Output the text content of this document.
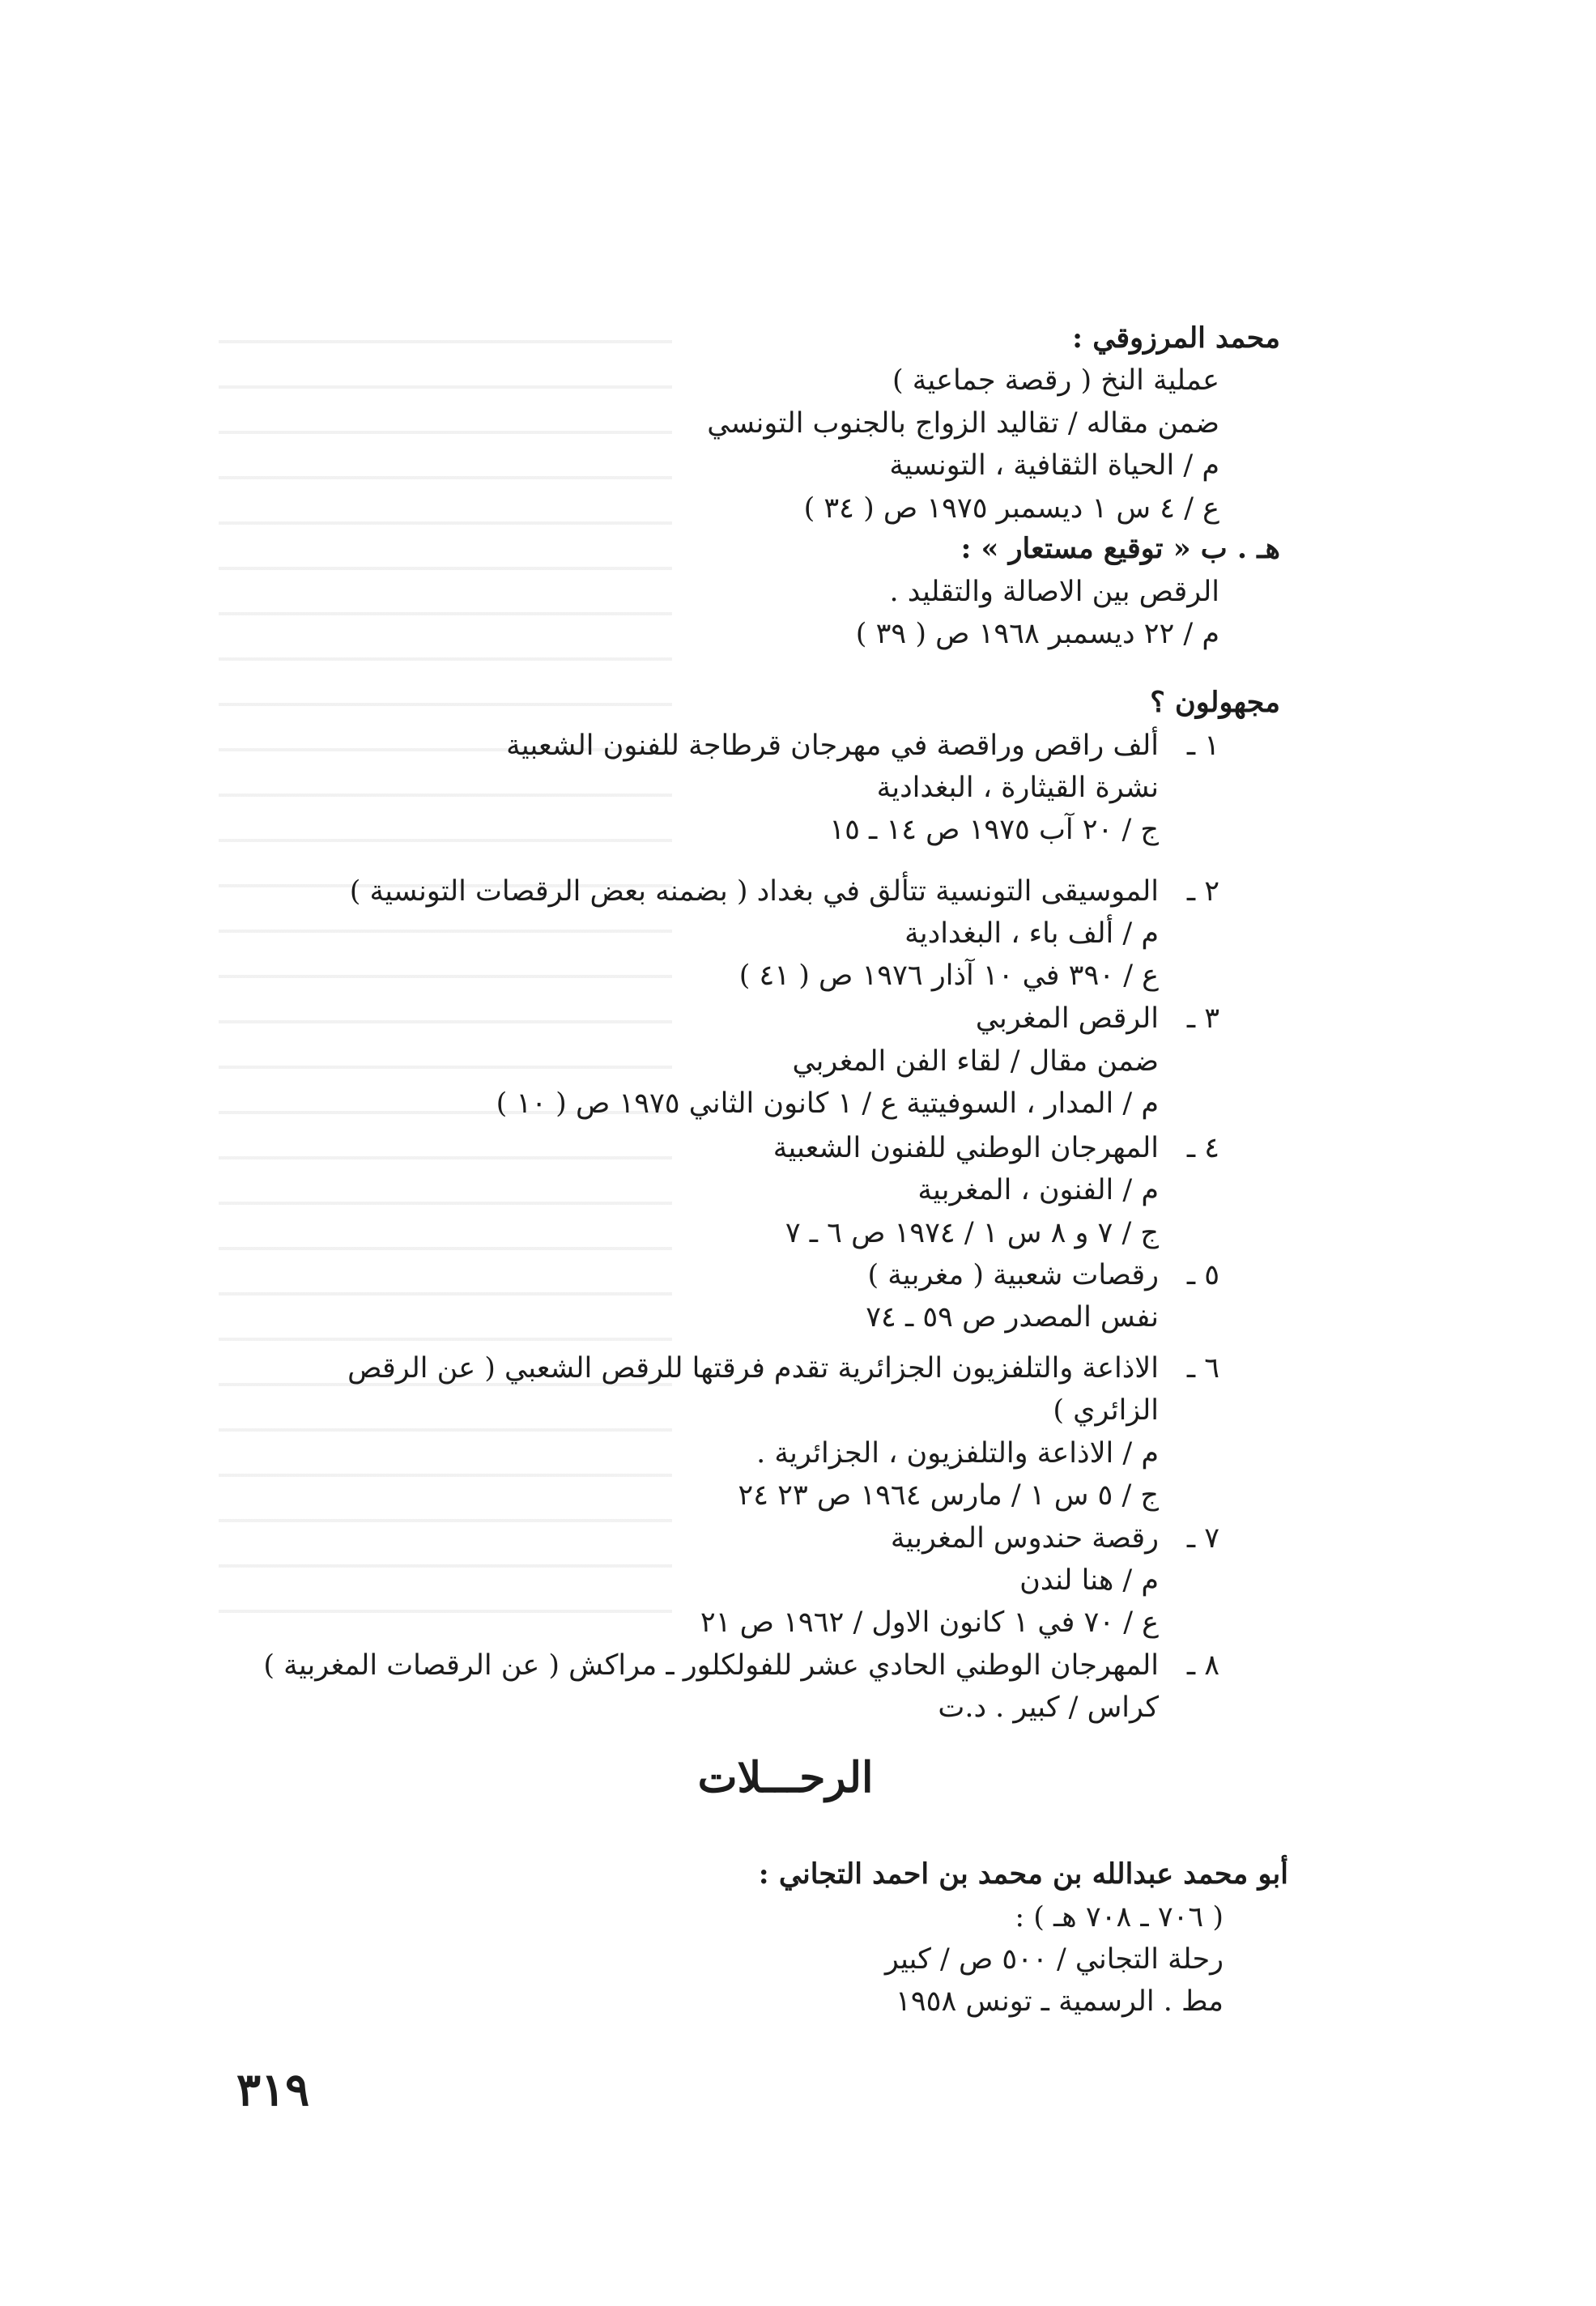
محمد المرزوقي :
عملية النخ ( رقصة جماعية )
ضمن مقاله / تقاليد الزواج بالجنوب التونسي
م / الحياة الثقافية ، التونسية
ع / ٤ س ١ ديسمبر ١٩٧٥ ص ( ٣٤ )
هـ . ب « توقيع مستعار » :
الرقص بين الاصالة والتقليد .
م / ٢٢ ديسمبر ١٩٦٨ ص ( ٣٩ )
مجهولون ؟
١ ـ
ألف راقص وراقصة في مهرجان قرطاجة للفنون الشعبية
نشرة القيثارة ، البغدادية
ج / ٢٠ آب ١٩٧٥ ص ١٤ ـ ١٥
٢ ـ
الموسيقى التونسية تتألق في بغداد ( بضمنه بعض الرقصات التونسية )
م / ألف باء ، البغدادية
ع / ٣٩٠ في ١٠ آذار ١٩٧٦ ص ( ٤١ )
٣ ـ
الرقص المغربي
ضمن مقال / لقاء الفن المغربي
م / المدار ، السوفيتية ع / ١ كانون الثاني ١٩٧٥ ص ( ١٠ )
٤ ـ
المهرجان الوطني للفنون الشعبية
م / الفنون ، المغربية
ج / ٧ و ٨ س ١ / ١٩٧٤ ص ٦ ـ ٧
٥ ـ
رقصات شعبية ( مغربية )
نفس المصدر ص ٥٩ ـ ٧٤
٦ ـ
الاذاعة والتلفزيون الجزائرية تقدم فرقتها للرقص الشعبي ( عن الرقص
الزائري )
م / الاذاعة والتلفزيون ، الجزائرية .
ج / ٥ س ١ / مارس ١٩٦٤ ص ٢٣ ٢٤
٧ ـ
رقصة حندوس المغربية
م / هنا لندن
ع / ٧٠ في ١ كانون الاول / ١٩٦٢ ص ٢١
٨ ـ
المهرجان الوطني الحادي عشر للفولكلور ـ مراكش ( عن الرقصات المغربية )
كراس / كبير . د.ت
الرحـــلات
أبو محمد عبدالله بن محمد بن احمد التجاني :
( ٧٠٦ ـ ٧٠٨ هـ ) :
رحلة التجاني / ٥٠٠ ص / كبير
مط . الرسمية ـ تونس ١٩٥٨
٣١٩
